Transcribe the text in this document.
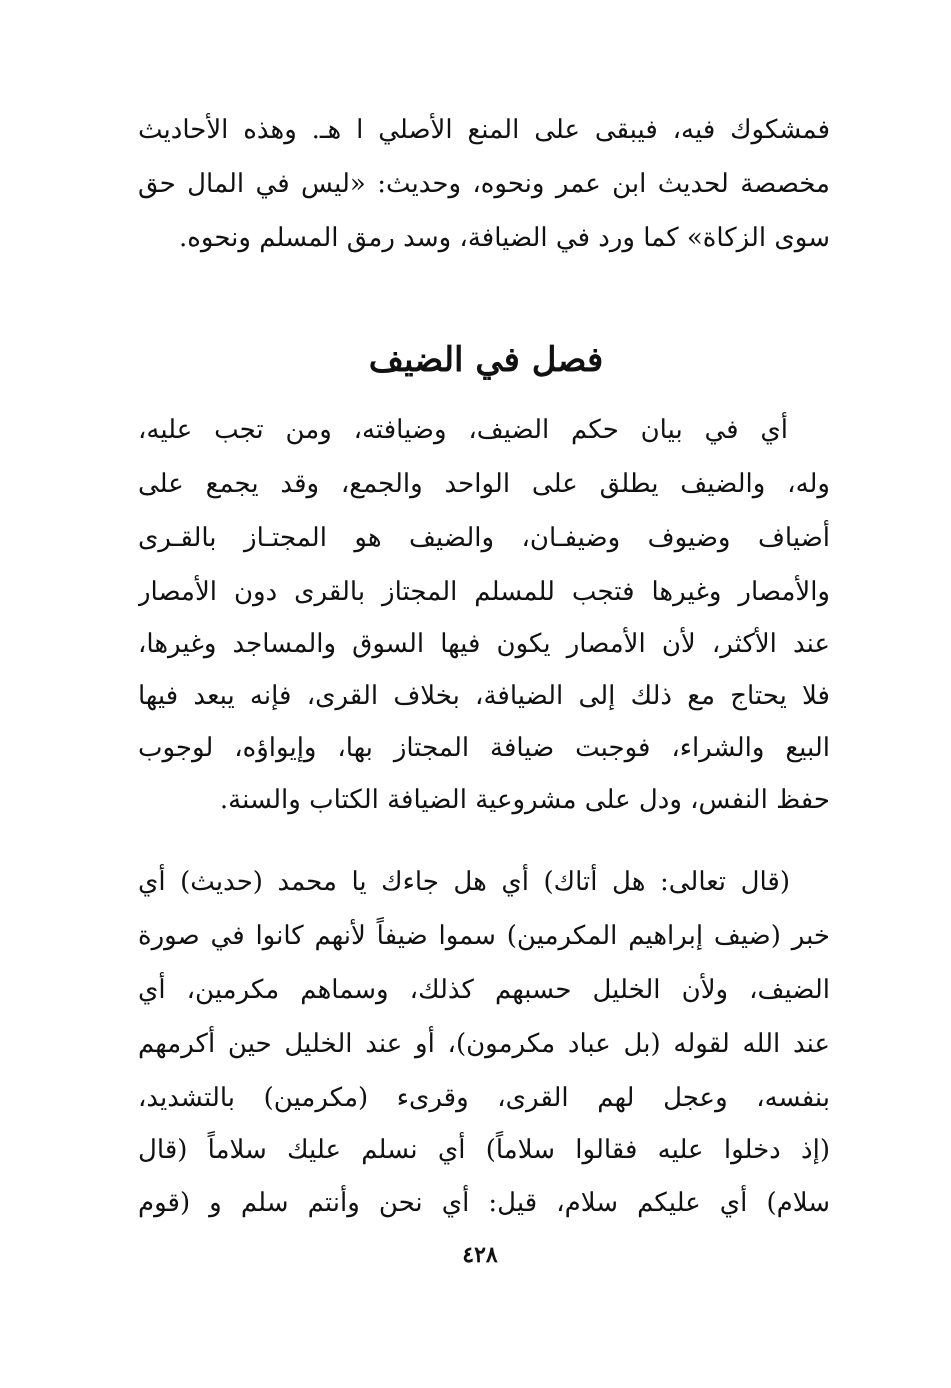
فمشكوك فيه، فيبقى على المنع الأصلي ا هـ. وهذه الأحاديث
مخصصة لحديث ابن عمر ونحوه، وحديث: «ليس في المال حق
سوى الزكاة» كما ورد في الضيافة، وسد رمق المسلم ونحوه.
فصل في الضيف
أي في بيان حكم الضيف، وضيافته، ومن تجب عليه،
وله، والضيف يطلق على الواحد والجمع، وقد يجمع على
أضياف وضيوف وضيفـان، والضيف هو المجتـاز بالقـرى
والأمصار وغيرها فتجب للمسلم المجتاز بالقرى دون الأمصار
عند الأكثر، لأن الأمصار يكون فيها السوق والمساجد وغيرها،
فلا يحتاج مع ذلك إلى الضيافة، بخلاف القرى، فإنه يبعد فيها
البيع والشراء، فوجبت ضيافة المجتاز بها، وإيواؤه، لوجوب
حفظ النفس، ودل على مشروعية الضيافة الكتاب والسنة.
(قال تعالى: هل أتاك) أي هل جاءك يا محمد (حديث) أي
خبر (ضيف إبراهيم المكرمين) سموا ضيفاً لأنهم كانوا في صورة
الضيف، ولأن الخليل حسبهم كذلك، وسماهم مكرمين، أي
عند الله لقوله (بل عباد مكرمون)، أو عند الخليل حين أكرمهم
بنفسه، وعجل لهم القرى، وقرىء (مكرمين) بالتشديد،
(إذ دخلوا عليه فقالوا سلاماً) أي نسلم عليك سلاماً (قال
سلام) أي عليكم سلام، قيل: أي نحن وأنتم سلم و (قوم
٤٢٨
